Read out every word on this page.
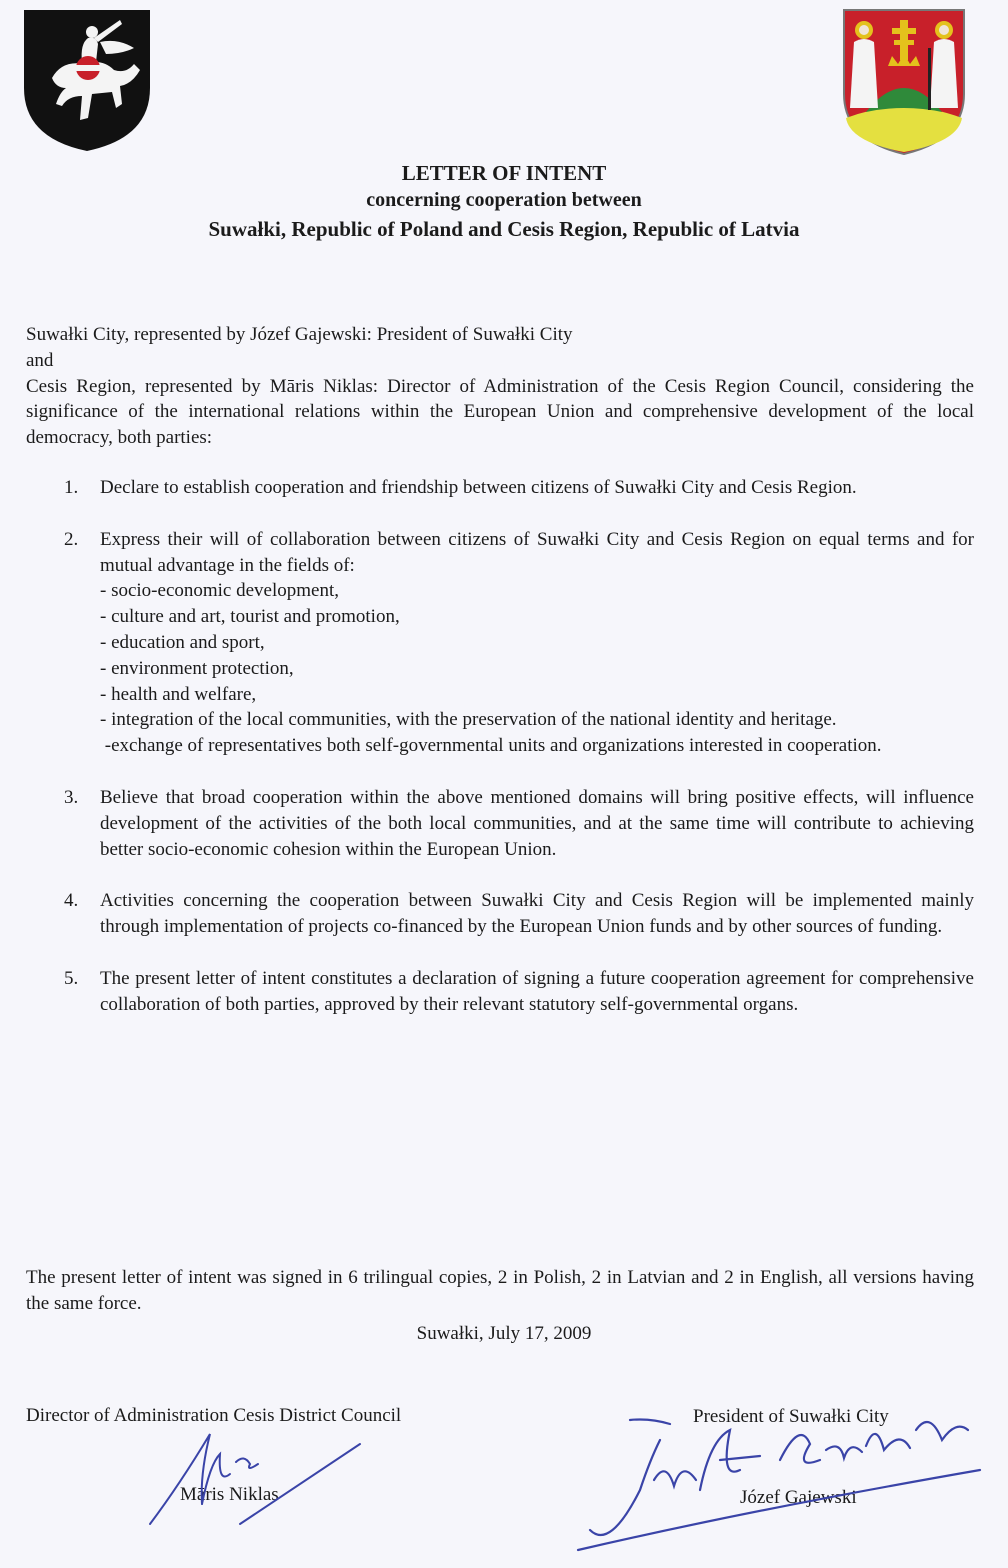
LETTER OF INTENT
concerning cooperation between
Suwałki, Republic of Poland and Cesis Region, Republic of Latvia

Suwałki City, represented by Józef Gajewski: President of Suwałki City

and

Cesis Region, represented by Māris Niklas: Director of Administration of the Cesis Region Council, considering the significance of the international relations within the European Union and comprehensive development of the local democracy, both parties:

1. Declare to establish cooperation and friendship between citizens of Suwałki City and Cesis Region.
2. Express their will of collaboration between citizens of Suwałki City and Cesis Region on equal terms and for mutual advantage in the fields of:
- socio-economic development,
- culture and art, tourist and promotion,
- education and sport,
- environment protection,
- health and welfare,
- integration of the local communities, with the preservation of the national identity and heritage.
-exchange of representatives both self-governmental units and organizations interested in cooperation.
3. Believe that broad cooperation within the above mentioned domains will bring positive effects, will influence development of the activities of the both local communities, and at the same time will contribute to achieving better socio-economic cohesion within the European Union.
4. Activities concerning the cooperation between Suwałki City and Cesis Region will be implemented mainly through implementation of projects co-financed by the European Union funds and by other sources of funding.
5. The present letter of intent constitutes a declaration of signing a future cooperation agreement for comprehensive collaboration of both parties, approved by their relevant statutory self-governmental organs.

The present letter of intent was signed in 6 trilingual copies, 2 in Polish, 2 in Latvian and 2 in English, all versions having the same force.

Suwałki, July 17, 2009
Director of Administration Cesis District Council
Māris Niklas
President of Suwałki City
Józef Gajewski
